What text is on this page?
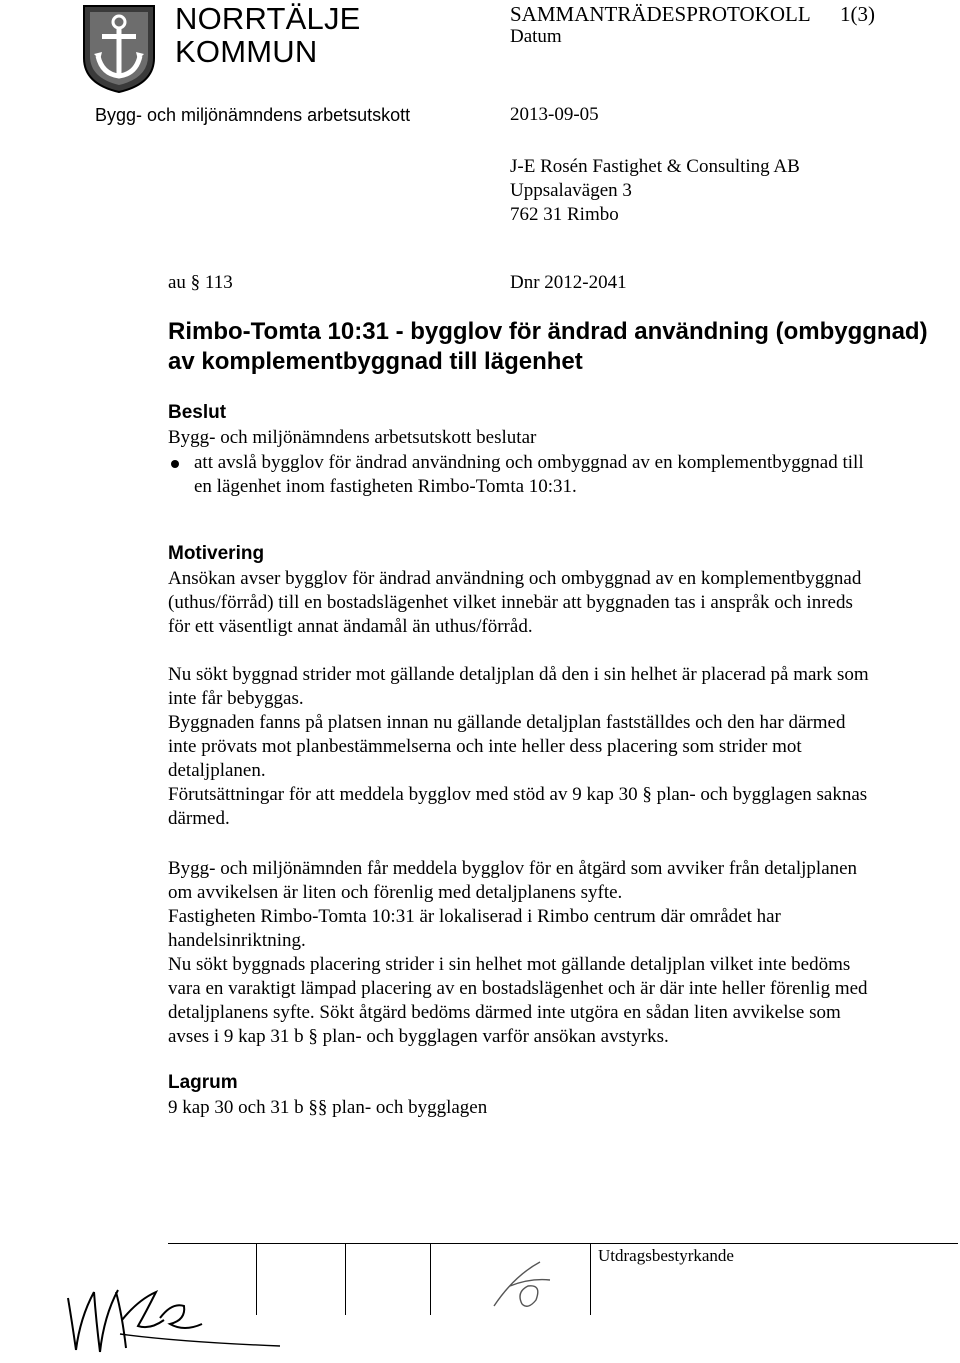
NORRTÄLJE
KOMMUN
Bygg- och miljönämndens arbetsutskott
SAMMANTRÄDESPROTOKOLL 1(3)
Datum
2013-09-05
J-E Rosén Fastighet & Consulting AB
Uppsalavägen 3
762 31 Rimbo
au § 113	Dnr 2012-2041
Rimbo-Tomta 10:31 - bygglov för ändrad användning (ombyggnad)
av komplementbyggnad till lägenhet
Beslut
Bygg- och miljönämndens arbetsutskott beslutar

att avslå bygglov för ändrad användning och ombyggnad av en komplementbyggnad till

en lägenhet inom fastigheten Rimbo-Tomta 10:31.

Motivering

Ansökan avser bygglov för ändrad användning och ombyggnad av en komplementbyggnad

(uthus/förråd) till en bostadslägenhet vilket innebär att byggnaden tas i anspråk och inreds

för ett väsentligt annat ändamål än uthus/förråd.

Nu sökt byggnad strider mot gällande detaljplan då den i sin helhet är placerad på mark som

inte får bebyggas.

Byggnaden fanns på platsen innan nu gällande detaljplan fastställdes och den har därmed

inte prövats mot planbestämmelserna och inte heller dess placering som strider mot

detaljplanen.

Förutsättningar för att meddela bygglov med stöd av 9 kap 30 § plan- och bygglagen saknas

därmed.

Bygg- och miljönämnden får meddela bygglov för en åtgärd som avviker från detaljplanen

om avvikelsen är liten och förenlig med detaljplanens syfte.

Fastigheten Rimbo-Tomta 10:31 är lokaliserad i Rimbo centrum där området har

handelsinriktning.

Nu sökt byggnads placering strider i sin helhet mot gällande detaljplan vilket inte bedöms

vara en varaktigt lämpad placering av en bostadslägenhet och är där inte heller förenlig med

detaljplanens syfte. Sökt åtgärd bedöms därmed inte utgöra en sådan liten avvikelse som

avses i 9 kap 31 b § plan- och bygglagen varför ansökan avstyrks.

Lagrum
9 kap 30 och 31 b §§ plan- och bygglagen
Utdragsbestyrkande
